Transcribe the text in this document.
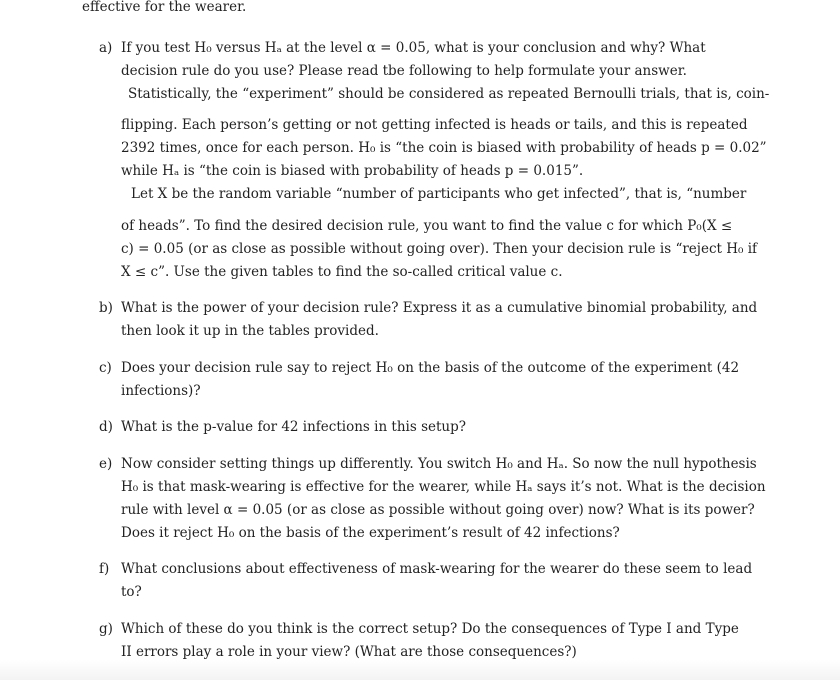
effective for the wearer.
a) If you test H₀ versus Hₐ at the level α = 0.05, what is your conclusion and why? What
decision rule do you use? Please read tbe following to help formulate your answer.
Statistically, the “experiment” should be considered as repeated Bernoulli trials, that is, coin-
flipping. Each person’s getting or not getting infected is heads or tails, and this is repeated
2392 times, once for each person. H₀ is “the coin is biased with probability of heads p = 0.02”
while Hₐ is “the coin is biased with probability of heads p = 0.015”.
Let X be the random variable “number of participants who get infected”, that is, “number
of heads”. To find the desired decision rule, you want to find the value c for which P₀(X ≤
c) = 0.05 (or as close as possible without going over). Then your decision rule is “reject H₀ if
X ≤ c”. Use the given tables to find the so-called critical value c.
b) What is the power of your decision rule? Express it as a cumulative binomial probability, and
then look it up in the tables provided.
c) Does your decision rule say to reject H₀ on the basis of the outcome of the experiment (42
infections)?
d) What is the p-value for 42 infections in this setup?
e) Now consider setting things up differently. You switch H₀ and Hₐ. So now the null hypothesis
H₀ is that mask-wearing is effective for the wearer, while Hₐ says it’s not. What is the decision
rule with level α = 0.05 (or as close as possible without going over) now? What is its power?
Does it reject H₀ on the basis of the experiment’s result of 42 infections?
f) What conclusions about effectiveness of mask-wearing for the wearer do these seem to lead
to?
g) Which of these do you think is the correct setup? Do the consequences of Type I and Type
II errors play a role in your view? (What are those consequences?)
